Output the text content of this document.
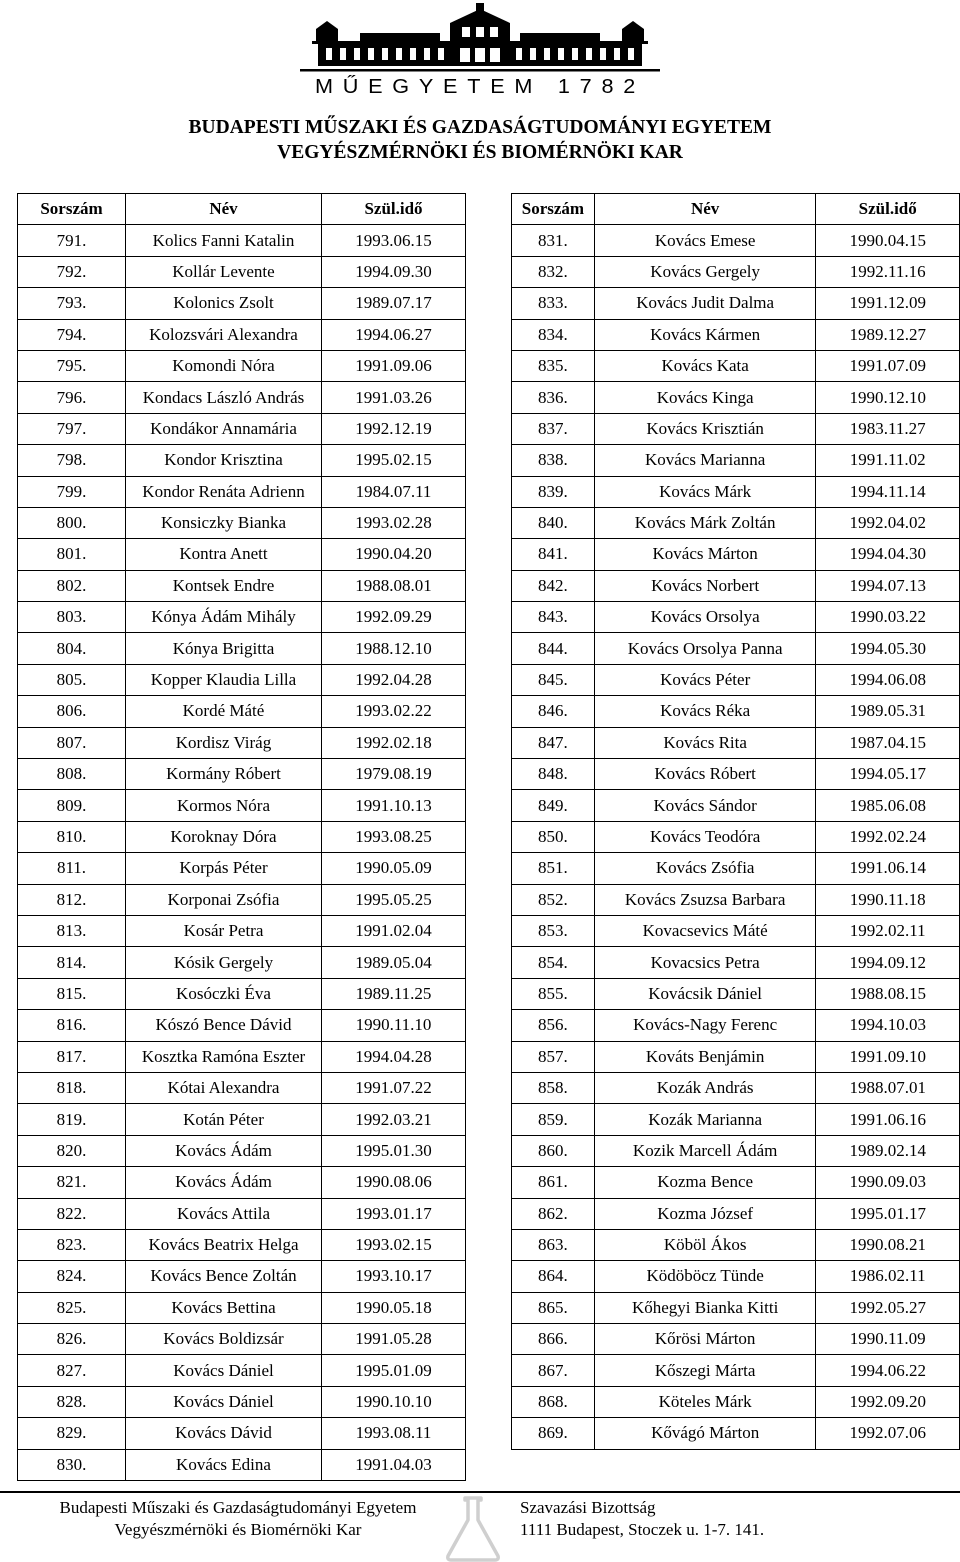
MŰEGYETEM 1782
BUDAPESTI MŰSZAKI ÉS GAZDASÁGTUDOMÁNYI EGYETEM
VEGYÉSZMÉRNÖKI ÉS BIOMÉRNÖKI KAR
Sorszám	Név	Szül.idő
791.	Kolics Fanni Katalin	1993.06.15
792.	Kollár Levente	1994.09.30
793.	Kolonics Zsolt	1989.07.17
794.	Kolozsvári Alexandra	1994.06.27
795.	Komondi Nóra	1991.09.06
796.	Kondacs László András	1991.03.26
797.	Kondákor Annamária	1992.12.19
798.	Kondor Krisztina	1995.02.15
799.	Kondor Renáta Adrienn	1984.07.11
800.	Konsiczky Bianka	1993.02.28
801.	Kontra Anett	1990.04.20
802.	Kontsek Endre	1988.08.01
803.	Kónya Ádám Mihály	1992.09.29
804.	Kónya Brigitta	1988.12.10
805.	Kopper Klaudia Lilla	1992.04.28
806.	Kordé Máté	1993.02.22
807.	Kordisz Virág	1992.02.18
808.	Kormány Róbert	1979.08.19
809.	Kormos Nóra	1991.10.13
810.	Koroknay Dóra	1993.08.25
811.	Korpás Péter	1990.05.09
812.	Korponai Zsófia	1995.05.25
813.	Kosár Petra	1991.02.04
814.	Kósik Gergely	1989.05.04
815.	Kosóczki Éva	1989.11.25
816.	Kószó Bence Dávid	1990.11.10
817.	Kosztka Ramóna Eszter	1994.04.28
818.	Kótai Alexandra	1991.07.22
819.	Kotán Péter	1992.03.21
820.	Kovács Ádám	1995.01.30
821.	Kovács Ádám	1990.08.06
822.	Kovács Attila	1993.01.17
823.	Kovács Beatrix Helga	1993.02.15
824.	Kovács Bence Zoltán	1993.10.17
825.	Kovács Bettina	1990.05.18
826.	Kovács Boldizsár	1991.05.28
827.	Kovács Dániel	1995.01.09
828.	Kovács Dániel	1990.10.10
829.	Kovács Dávid	1993.08.11
830.	Kovács Edina	1991.04.03
Sorszám	Név	Szül.idő
831.	Kovács Emese	1990.04.15
832.	Kovács Gergely	1992.11.16
833.	Kovács Judit Dalma	1991.12.09
834.	Kovács Kármen	1989.12.27
835.	Kovács Kata	1991.07.09
836.	Kovács Kinga	1990.12.10
837.	Kovács Krisztián	1983.11.27
838.	Kovács Marianna	1991.11.02
839.	Kovács Márk	1994.11.14
840.	Kovács Márk Zoltán	1992.04.02
841.	Kovács Márton	1994.04.30
842.	Kovács Norbert	1994.07.13
843.	Kovács Orsolya	1990.03.22
844.	Kovács Orsolya Panna	1994.05.30
845.	Kovács Péter	1994.06.08
846.	Kovács Réka	1989.05.31
847.	Kovács Rita	1987.04.15
848.	Kovács Róbert	1994.05.17
849.	Kovács Sándor	1985.06.08
850.	Kovács Teodóra	1992.02.24
851.	Kovács Zsófia	1991.06.14
852.	Kovács Zsuzsa Barbara	1990.11.18
853.	Kovacsevics Máté	1992.02.11
854.	Kovacsics Petra	1994.09.12
855.	Kovácsik Dániel	1988.08.15
856.	Kovács-Nagy Ferenc	1994.10.03
857.	Kováts Benjámin	1991.09.10
858.	Kozák András	1988.07.01
859.	Kozák Marianna	1991.06.16
860.	Kozik Marcell Ádám	1989.02.14
861.	Kozma Bence	1990.09.03
862.	Kozma József	1995.01.17
863.	Köböl Ákos	1990.08.21
864.	Ködöböcz Tünde	1986.02.11
865.	Kőhegyi Bianka Kitti	1992.05.27
866.	Kőrösi Márton	1990.11.09
867.	Kőszegi Márta	1994.06.22
868.	Köteles Márk	1992.09.20
869.	Kővágó Márton	1992.07.06
Budapesti Műszaki és Gazdaságtudományi Egyetem
Vegyészmérnöki és Biomérnöki Kar
Szavazási Bizottság
1111 Budapest, Stoczek u. 1-7. 141.
